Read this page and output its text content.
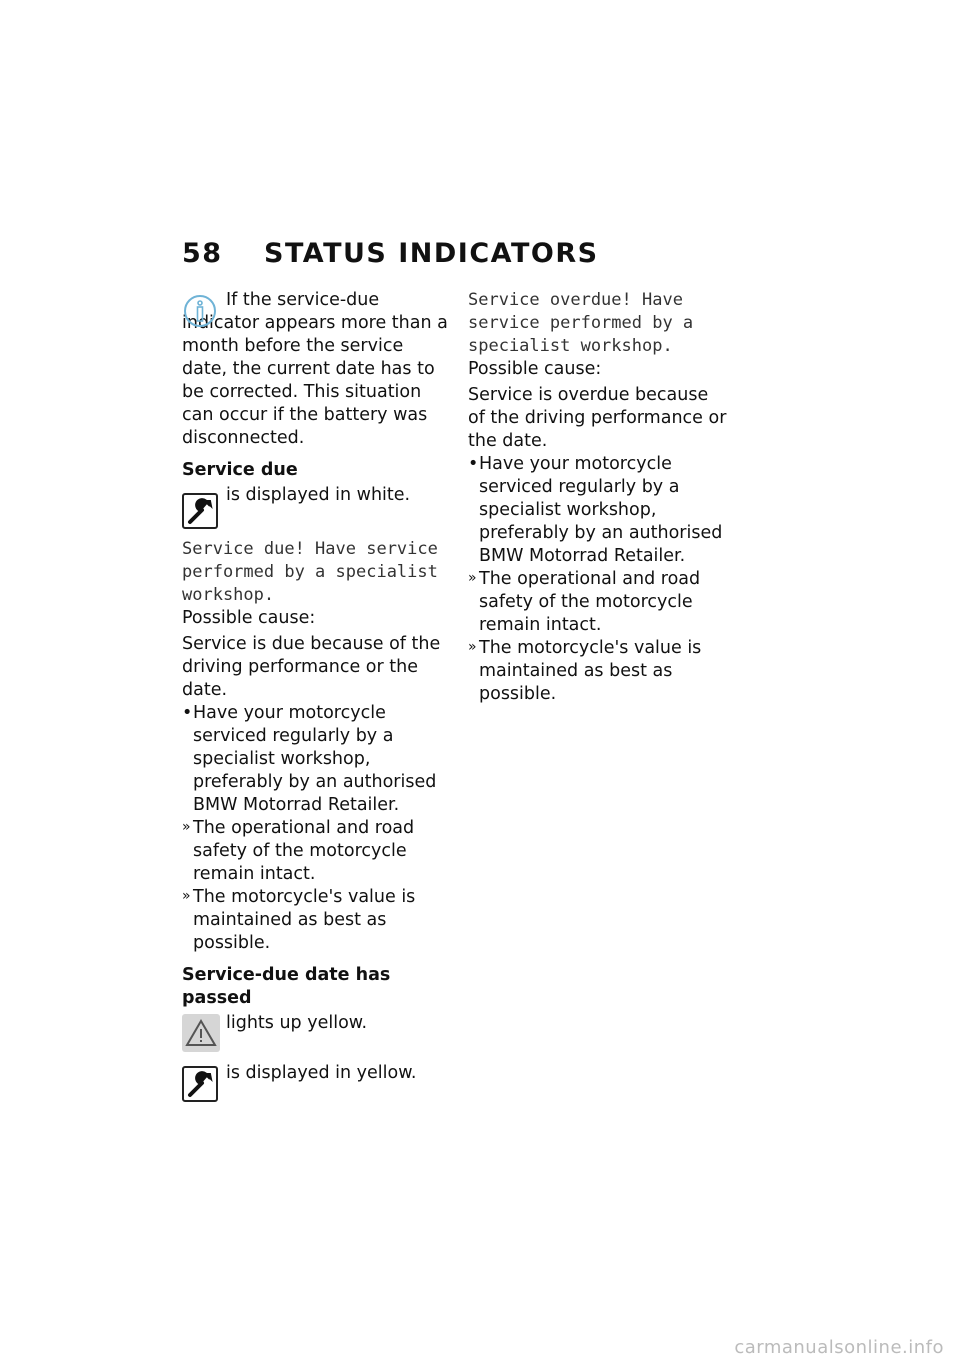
58 STATUS INDICATORS

If the service-due indicator appears more than a month before the service date, the current date has to be corrected. This situation can occur if the battery was disconnected.

Service due

is displayed in white.

Service due! Have service performed by a specialist workshop.

Possible cause:

Service is due because of the driving performance or the date.

• Have your motorcycle serviced regularly by a specialist workshop, preferably by an authorised BMW Motorrad Retailer.

» The operational and road safety of the motorcycle remain intact.

» The motorcycle's value is maintained as best as possible.

Service-due date has passed

lights up yellow.

is displayed in yellow.

Service overdue! Have service performed by a specialist workshop.

Possible cause:

Service is overdue because of the driving performance or the date.

• Have your motorcycle serviced regularly by a specialist workshop, preferably by an authorised BMW Motorrad Retailer.

» The operational and road safety of the motorcycle remain intact.

» The motorcycle's value is maintained as best as possible.

carmanualsonline.info
